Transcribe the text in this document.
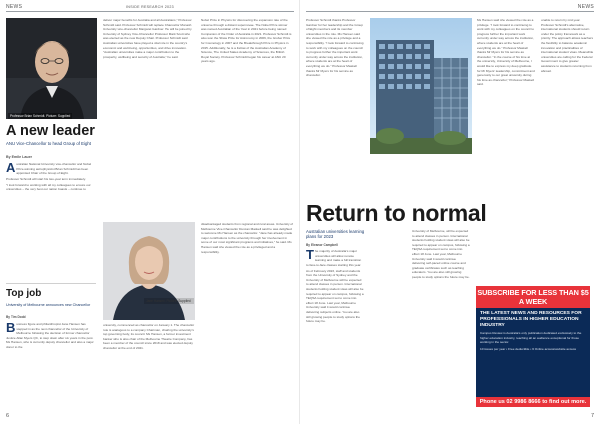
NEWS	INSIDE RESEARCH 2023
Professor Brian Schmidt. Picture: Supplied
A new leader
ANU Vice-Chancellor to head Group of Eight
By Emile Lauer

Australian National University vice-chancellor and Nobel Prize-winning astrophysicist Brian Schmidt has been appointed Chair of the Group of Eight.

Professor Schmidt will start his two-year term immediately.

"I look forward to working with all my colleagues to ensure our universities – the very best our nation boasts – continue to

deliver major benefits for Australia and all Australians," Professor Schmidt said. Professor Schmidt will replace Chancellor Monash University vice-chancellor Margaret Gardner. He will be joined by University of Sydney Vice-Chancellor Professor Mark Scott who was elected as the new Deputy Chair. Professor Schmidt said Australian universities have played a vital role in the country's economic and well-being, opportunities, and drive innovation. "Australian universities make a major contribution to the prosperity, wellbeing and security of Australia," he said.

Nobel Prize in Physics for discovering the expansion rate of the universe through a distant supernovae. The Nobel Prize winner was named Australian of the Year in 2021 before being named Companion of the Order of Australia in 2021. Professor Schmidt is also won the Shaw Prize for Astronomy in 2006, the Gruber Prize for Cosmology in 2007 and the Breakthrough Prize in Physics in 2015. Additionally, he is a Fellow of the Australian Academy of Science, The United States Academy of Sciences, the British Royal Society. Professor Schmidt began his career at ANU 20 years ago.

Jane Hansen. Picture: Supplied
Top job
University of Melbourne announces new Chancellor
By Tim Dodd

Business figure and philanthropist Jane Hansen has stepped in as the next chancellor of the University of Melbourne following the decision of former chancellor Justice Allan Myers QC, to step down after six years in the post. Ms Hansen, who is currently deputy chancellor and also a major donor to the

university, commenced as chancellor on January 1. The chancellor role is analogous to a company Chairman, chairing the university's top governing body, its council. Ms Hansen, a former investment banker who is also chair of the Melbourne Theatre Company, has been a member of the council since 2018 and was elected deputy chancellor at the end of 2021.

disadvantaged students from regional and rural areas. University of Melbourne Vice-Chancellor Duncan Maskell said he was delighted to welcome Ms Hansen as the chancellor. "Jane has already made major contributions to the university through her involvement in some of our most significant programs and initiatives," he said. Ms Hansen said she viewed the role as a privileged and a responsibility.

6
NEWS

Professor Schmidt thanks Professor Gardner for her leadership and the Group of Eight members and its member universities in the role. Ms Hansen said she viewed the role as a privilege and a responsibility. "I look forward to continuing to work with my colleagues on the council to progress further the important work currently under way across the institution, where students are at the heart of everything we do." Professor Maskell thanks Mr Myers for his service as chancellor.

Ms Hansen said she viewed the role as a privilege. "I look forward to continuing to work with my colleagues on the council to progress further the important work currently under way across the institution, where students are at the heart of everything we do." Professor Maskell thanks Mr Myers for his service as chancellor. "In the course of his time at the university, University of Melbourne, I would like to express my deep gratitude for Mr Myers' leadership, commitment and generosity to our great university during his time as chancellor," Professor Maskell said.

unable to return by mid-year. Professor Schmidt's alternative, international students should return under the policy framework as a priority. The approach allows teachers the flexibility to balance academic innovation and practicalities of international student visas. Meanwhile universities are calling for the Federal Government to give greater assistance to students returning from abroad.

Return to normal
Australian universities learning plans for 2023
By Eleanor Campbell

The majority of Australia's major universities will allow remote learning and make a full transition to face-to-face classes starting this year.

As of February 2023, staff and students from the University of Sydney and the University of Melbourne will be expected to attend classes in person. International students holding student visas will also be required to appear on campus, following a TEQSA requirement set to come into effect 18 June. Last year, Melbourne University said it would continue delivering subjects online. You are also still growing people to study options the future may be.

University of Melbourne, will be expected to attend classes in person. International students holding student visas will also be required to appear on campus, following a TEQSA requirement set to come into effect 18 June. Last year, Melbourne University said it would continue delivering self-paced online course and graduate certificates such as teaching educators. You are also still growing people to study options the future may be.

7
SUBSCRIBE FOR LESS THAN $5 A WEEK
THE LATEST NEWS AND RESOURCES FOR PROFESSIONALS IN HIGHER EDUCATION INDUSTRY
Campus Review is Australia's only publication dedicated exclusively to the higher education industry, reaching all an audience exceptional for those working in the sector.
10 issues per year • Free deductible • 6 Online access/website access
Phone us 02 9986 8666 to find out more.
